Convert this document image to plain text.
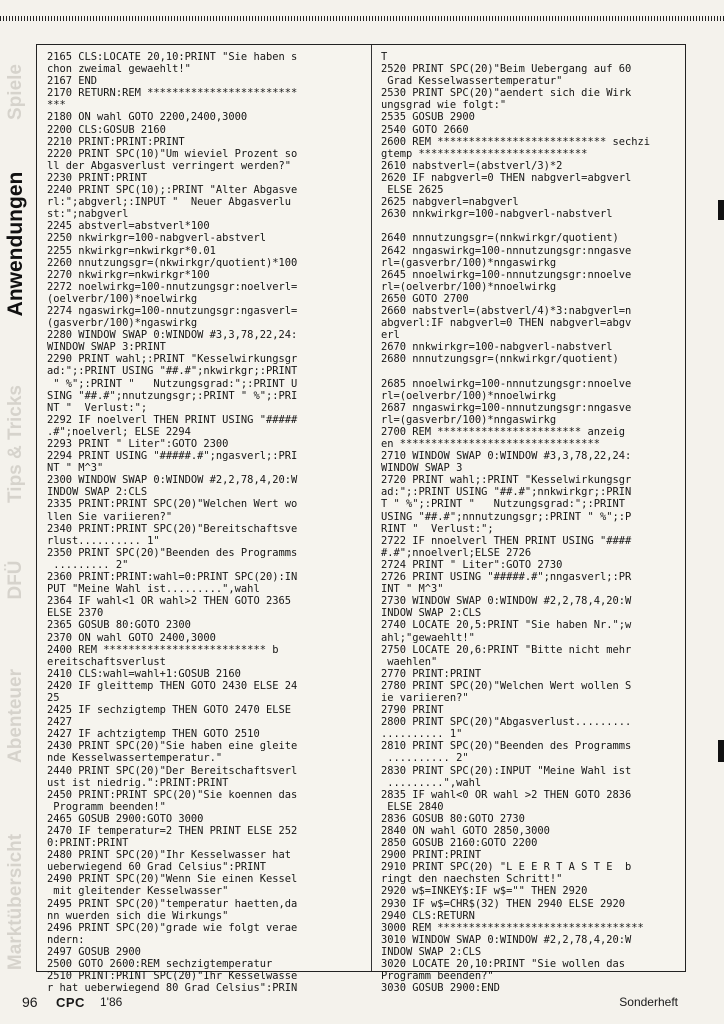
Marktübersicht
Abenteuer
DFÜ
Tips & Tricks
Anwendungen
Spiele
2165 CLS:LOCATE 20,10:PRINT "Sie haben s
chon zweimal gewaehlt!"
2167 END
2170 RETURN:REM ************************
***
2180 ON wahl GOTO 2200,2400,3000
2200 CLS:GOSUB 2160
2210 PRINT:PRINT:PRINT
2220 PRINT SPC(10)"Um wieviel Prozent so
ll der Abgasverlust verringert werden?"
2230 PRINT:PRINT
2240 PRINT SPC(10);:PRINT "Alter Abgasve
rl:";abgverl;:INPUT "  Neuer Abgasverlu
st:";nabgverl
2245 abstverl=abstverl*100
2250 nkwirkgr=100-nabgverl-abstverl
2255 nkwirkgr=nkwirkgr*0.01
2260 nnutzungsgr=(nkwirkgr/quotient)*100
2270 nkwirkgr=nkwirkgr*100
2272 noelwirkg=100-nnutzungsgr:noelverl=
(oelverbr/100)*noelwirkg
2274 ngaswirkg=100-nnutzungsgr:ngasverl=
(gasverbr/100)*ngaswirkg
2280 WINDOW SWAP 0:WINDOW #3,3,78,22,24:
WINDOW SWAP 3:PRINT
2290 PRINT wahl;:PRINT "Kesselwirkungsgr
ad:";:PRINT USING "##.#";nkwirkgr;:PRINT
" %";:PRINT "   Nutzungsgrad:";:PRINT U
SING "##.#";nnutzungsgr;:PRINT " %";:PRI
NT "  Verlust:";
2292 IF noelverl THEN PRINT USING "#####
.#";noelverl; ELSE 2294
2293 PRINT " Liter":GOTO 2300
2294 PRINT USING "#####.#";ngasverl;:PRI
NT " M^3"
2300 WINDOW SWAP 0:WINDOW #2,2,78,4,20:W
INDOW SWAP 2:CLS
2335 PRINT:PRINT SPC(20)"Welchen Wert wo
llen Sie variieren?"
2340 PRINT:PRINT SPC(20)"Bereitschaftsve
rlust.......... 1"
2350 PRINT SPC(20)"Beenden des Programms
......... 2"
2360 PRINT:PRINT:wahl=0:PRINT SPC(20):IN
PUT "Meine Wahl ist.........",wahl
2364 IF wahl<1 OR wahl>2 THEN GOTO 2365
ELSE 2370
2365 GOSUB 80:GOTO 2300
2370 ON wahl GOTO 2400,3000
2400 REM ************************** b
ereitschaftsverlust
2410 CLS:wahl=wahl+1:GOSUB 2160
2420 IF gleittemp THEN GOTO 2430 ELSE 24
25
2425 IF sechzigtemp THEN GOTO 2470 ELSE
2427
2427 IF achtzigtemp THEN GOTO 2510
2430 PRINT SPC(20)"Sie haben eine gleite
nde Kesselwassertemperatur."
2440 PRINT SPC(20)"Der Bereitschaftsverl
ust ist niedrig.":PRINT:PRINT
2450 PRINT:PRINT SPC(20)"Sie koennen das
Programm beenden!"
2465 GOSUB 2900:GOTO 3000
2470 IF temperatur=2 THEN PRINT ELSE 252
0:PRINT:PRINT
2480 PRINT SPC(20)"Ihr Kesselwasser hat
ueberwiegend 60 Grad Celsius":PRINT
2490 PRINT SPC(20)"Wenn Sie einen Kessel
mit gleitender Kesselwasser"
2495 PRINT SPC(20)"temperatur haetten,da
nn wuerden sich die Wirkungs"
2496 PRINT SPC(20)"grade wie folgt verae
ndern:
2497 GOSUB 2900
2500 GOTO 2600:REM sechzigtemperatur
2510 PRINT:PRINT SPC(20)"Ihr Kesselwasse
r hat ueberwiegend 80 Grad Celsius":PRIN
T
2520 PRINT SPC(20)"Beim Uebergang auf 60
Grad Kesselwassertemperatur"
2530 PRINT SPC(20)"aendert sich die Wirk
ungsgrad wie folgt:"
2535 GOSUB 2900
2540 GOTO 2660
2600 REM *************************** sechzi
gtemp ***************************
2610 nabstverl=(abstverl/3)*2
2620 IF nabgverl=0 THEN nabgverl=abgverl
ELSE 2625
2625 nabgverl=nabgverl
2630 nnkwirkgr=100-nabgverl-nabstverl
2640 nnnutzungsgr=(nnkwirkgr/quotient)
2642 nngaswirkg=100-nnnutzungsgr:nngasve
rl=(gasverbr/100)*nngaswirkg
2645 nnoelwirkg=100-nnnutzungsgr:nnoelve
rl=(oelverbr/100)*nnoelwirkg
2650 GOTO 2700
2660 nabstverl=(abstverl/4)*3:nabgverl=n
abgverl:IF nabgverl=0 THEN nabgverl=abgv
erl
2670 nnkwirkgr=100-nabgverl-nabstverl
2680 nnnutzungsgr=(nnkwirkgr/quotient)
2685 nnoelwirkg=100-nnnutzungsgr:nnoelve
rl=(oelverbr/100)*nnoelwirkg
2687 nngaswirkg=100-nnnutzungsgr:nngasve
rl=(gasverbr/100)*nngaswirkg
2700 REM *********************** anzeig
en ********************************
2710 WINDOW SWAP 0:WINDOW #3,3,78,22,24:
WINDOW SWAP 3
2720 PRINT wahl;:PRINT "Kesselwirkungsgr
ad:";:PRINT USING "##.#";nnkwirkgr;:PRIN
T " %";:PRINT "   Nutzungsgrad:";:PRINT
USING "##.#";nnnutzungsgr;:PRINT " %";:P
RINT "  Verlust:";
2722 IF nnoelverl THEN PRINT USING "####
#.#";nnoelverl;ELSE 2726
2724 PRINT " Liter":GOTO 2730
2726 PRINT USING "#####.#";nngasverl;:PR
INT " M^3"
2730 WINDOW SWAP 0:WINDOW #2,2,78,4,20:W
INDOW SWAP 2:CLS
2740 LOCATE 20,5:PRINT "Sie haben Nr.";w
ahl;"gewaehlt!"
2750 LOCATE 20,6:PRINT "Bitte nicht mehr
waehlen"
2770 PRINT:PRINT
2780 PRINT SPC(20)"Welchen Wert wollen S
ie variieren?"
2790 PRINT
2800 PRINT SPC(20)"Abgasverlust.........
.......... 1"
2810 PRINT SPC(20)"Beenden des Programms
.......... 2"
2830 PRINT SPC(20):INPUT "Meine Wahl ist
.........",wahl
2835 IF wahl<0 OR wahl >2 THEN GOTO 2836
ELSE 2840
2836 GOSUB 80:GOTO 2730
2840 ON wahl GOTO 2850,3000
2850 GOSUB 2160:GOTO 2200
2900 PRINT:PRINT
2910 PRINT SPC(20) "L E E R T A S T E  b
ringt den naechsten Schritt!"
2920 w$=INKEY$:IF w$="" THEN 2920
2930 IF w$=CHR$(32) THEN 2940 ELSE 2920
2940 CLS:RETURN
3000 REM *********************************
3010 WINDOW SWAP 0:WINDOW #2,2,78,4,20:W
INDOW SWAP 2:CLS
3020 LOCATE 20,10:PRINT "Sie wollen das
Programm beenden?"
3030 GOSUB 2900:END
96 CPC 1'86	Sonderheft
